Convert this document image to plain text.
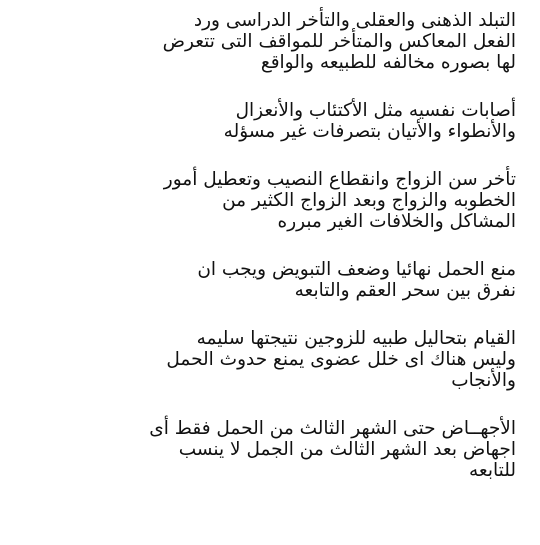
التبلد الذهنى والعقلى والتأخر الدراسى ورد
الفعل المعاكس والمتأخر للمواقف التى تتعرض
لها بصوره مخالفه للطبيعه والواقع

أصابات نفسيه مثل الأكتئاب والأنعزال
والأنطواء والأتيان بتصرفات غير مسؤله

تأخر سن الزواج وانقطاع النصيب وتعطيل أمور
الخطوبه والزواج وبعد الزواج الكثير من
المشاكل والخلافات الغير مبرره

منع الحمل نهائيا وضعف التبويض ويجب ان
نفرق بين سحر العقم والتابعه

القيام بتحاليل طبيه للزوجين نتيجتها سليمه
وليس هناك اى خلل عضوى يمنع حدوث الحمل
والأنجاب

الأجهــاض حتى الشهر الثالث من الحمل فقط أى
اجهاض بعد الشهر الثالث من الجمل لا ينسب
للتابعه
